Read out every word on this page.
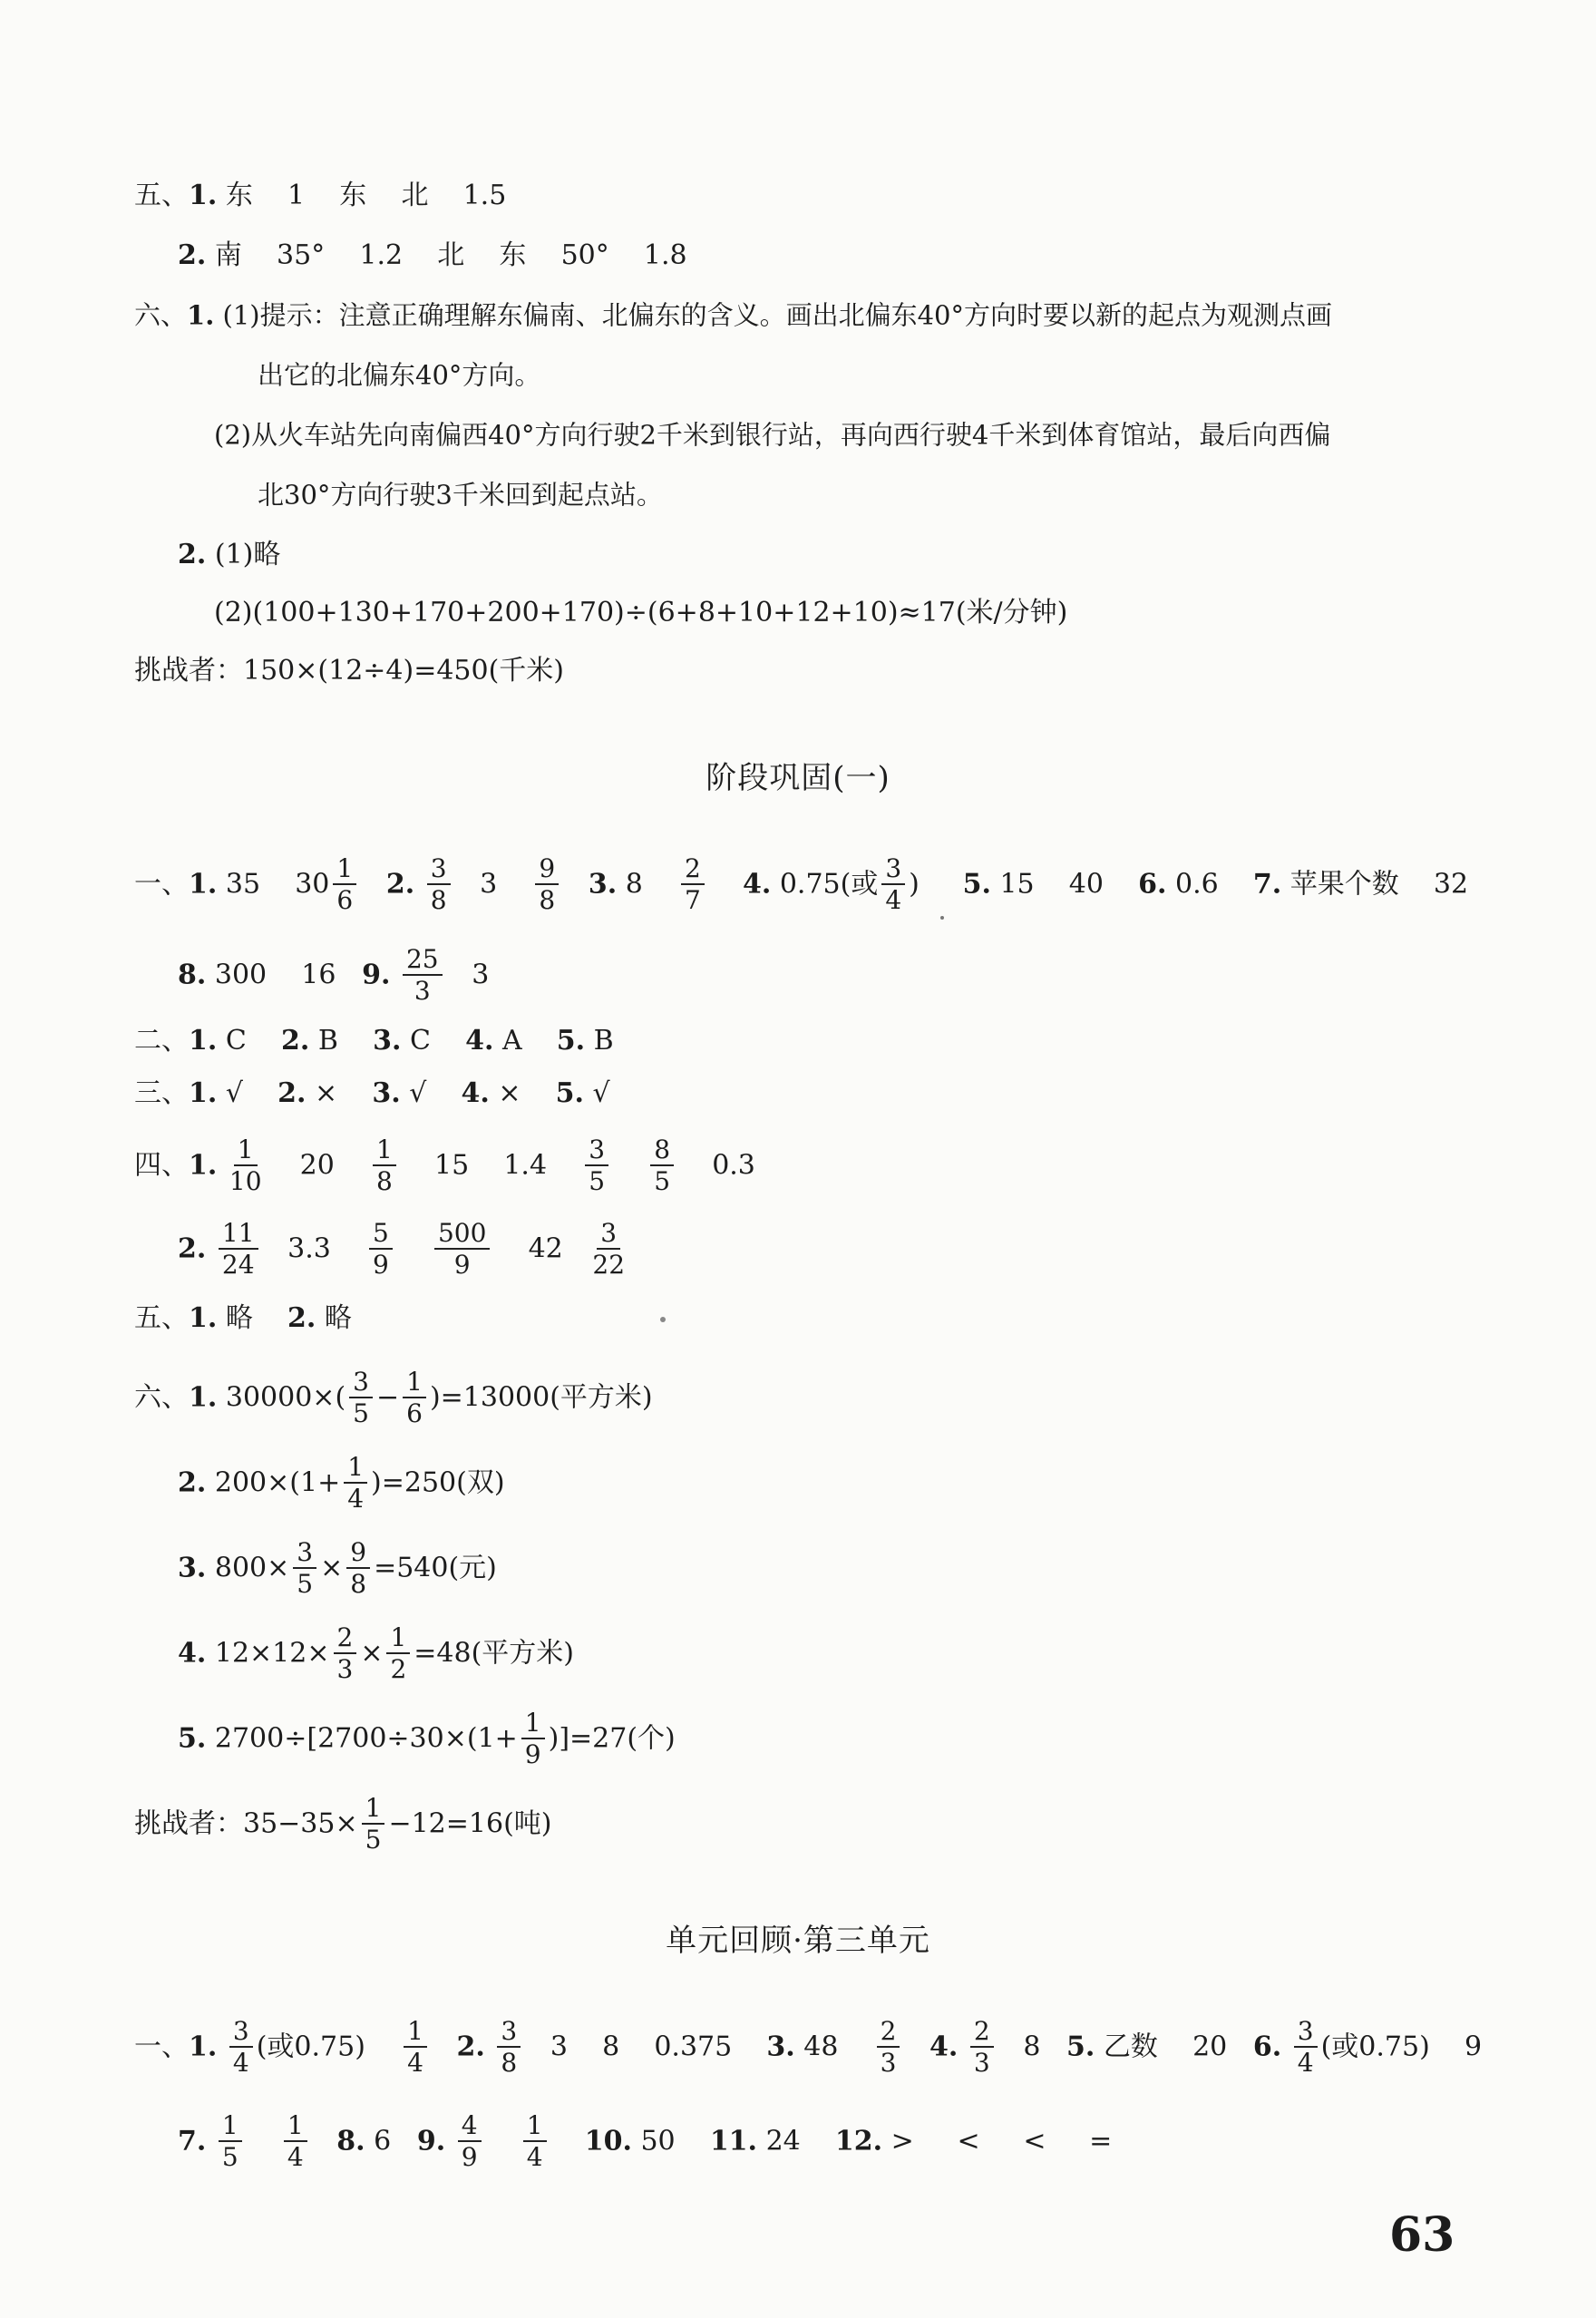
五、1. 东 1 东 北 1.5
2. 南 35° 1.2 北 东 50° 1.8
六、1. (1)提示：注意正确理解东偏南、北偏东的含义。画出北偏东40°方向时要以新的起点为观测点画
出它的北偏东40°方向。
(2)从火车站先向南偏西40°方向行驶2千米到银行站，再向西行驶4千米到体育馆站，最后向西偏
北30°方向行驶3千米回到起点站。
2. (1)略
(2)(100+130+170+200+170)÷(6+8+10+12+10)≈17(米/分钟)
挑战者：150×(12÷4)=450(千米)
阶段巩固(一)
一、1. 35 $30 \frac{1}{6} 2$. $\frac{3}{8} 3 \frac{9}{8} 3$. $8 \frac{2}{7} 4$. 0.75(或 $\frac{3}{4}$ ) 5. 15 40 6. 0.6 7. 苹果个数 32
8. 300 16 9. $\frac{25}{3} 3$
二、1. C 2. B 3. C 4. A 5. B
三、1. √ 2. × 3. √ 4. × 5. √
四、1. $\frac{1}{10} 20 \frac{1}{8} 15$ $1.4 \frac{3}{5}$
$\frac{8}{5} 0.3$
2. $\frac{11}{24} 3.3 \frac{5}{9}$
$\frac{500}{9} 42 \frac{3}{22}$
五、1. 略 2. 略
六、1. $30000\times( \frac{3}{5} - \frac{1}{6} )=13000$(平方米)
2. $200\times(1+ \frac{1}{4} )=250$(双)
3. $800\times \frac{3}{5} \times \frac{9}{8} =540$(元)
4. $12\times 12\times \frac{2}{3} \times \frac{1}{2} =48$(平方米)
5. $2700\div[2700\div 30\times(1+ \frac{1}{9} )]=27$(个)
挑战者：$35-35\times \frac{1}{5} -12=16$(吨)
单元回顾·第三单元
一、1. $\frac{3}{4}$ (或$0.75) \frac{1}{4} 2$. $\frac{3}{8} 3$ 8 0.375 3. $48 \frac{2}{3} 4$. $\frac{2}{3} 8$ 5. 乙数 20 6. $\frac{3}{4}$ (或0.75) 9
7. $\frac{1}{5}$
$\frac{1}{4} 8$. 6 9. $\frac{4}{9}$
$\frac{1}{4} 10$. 50 11. 24 12. > < < =
63
